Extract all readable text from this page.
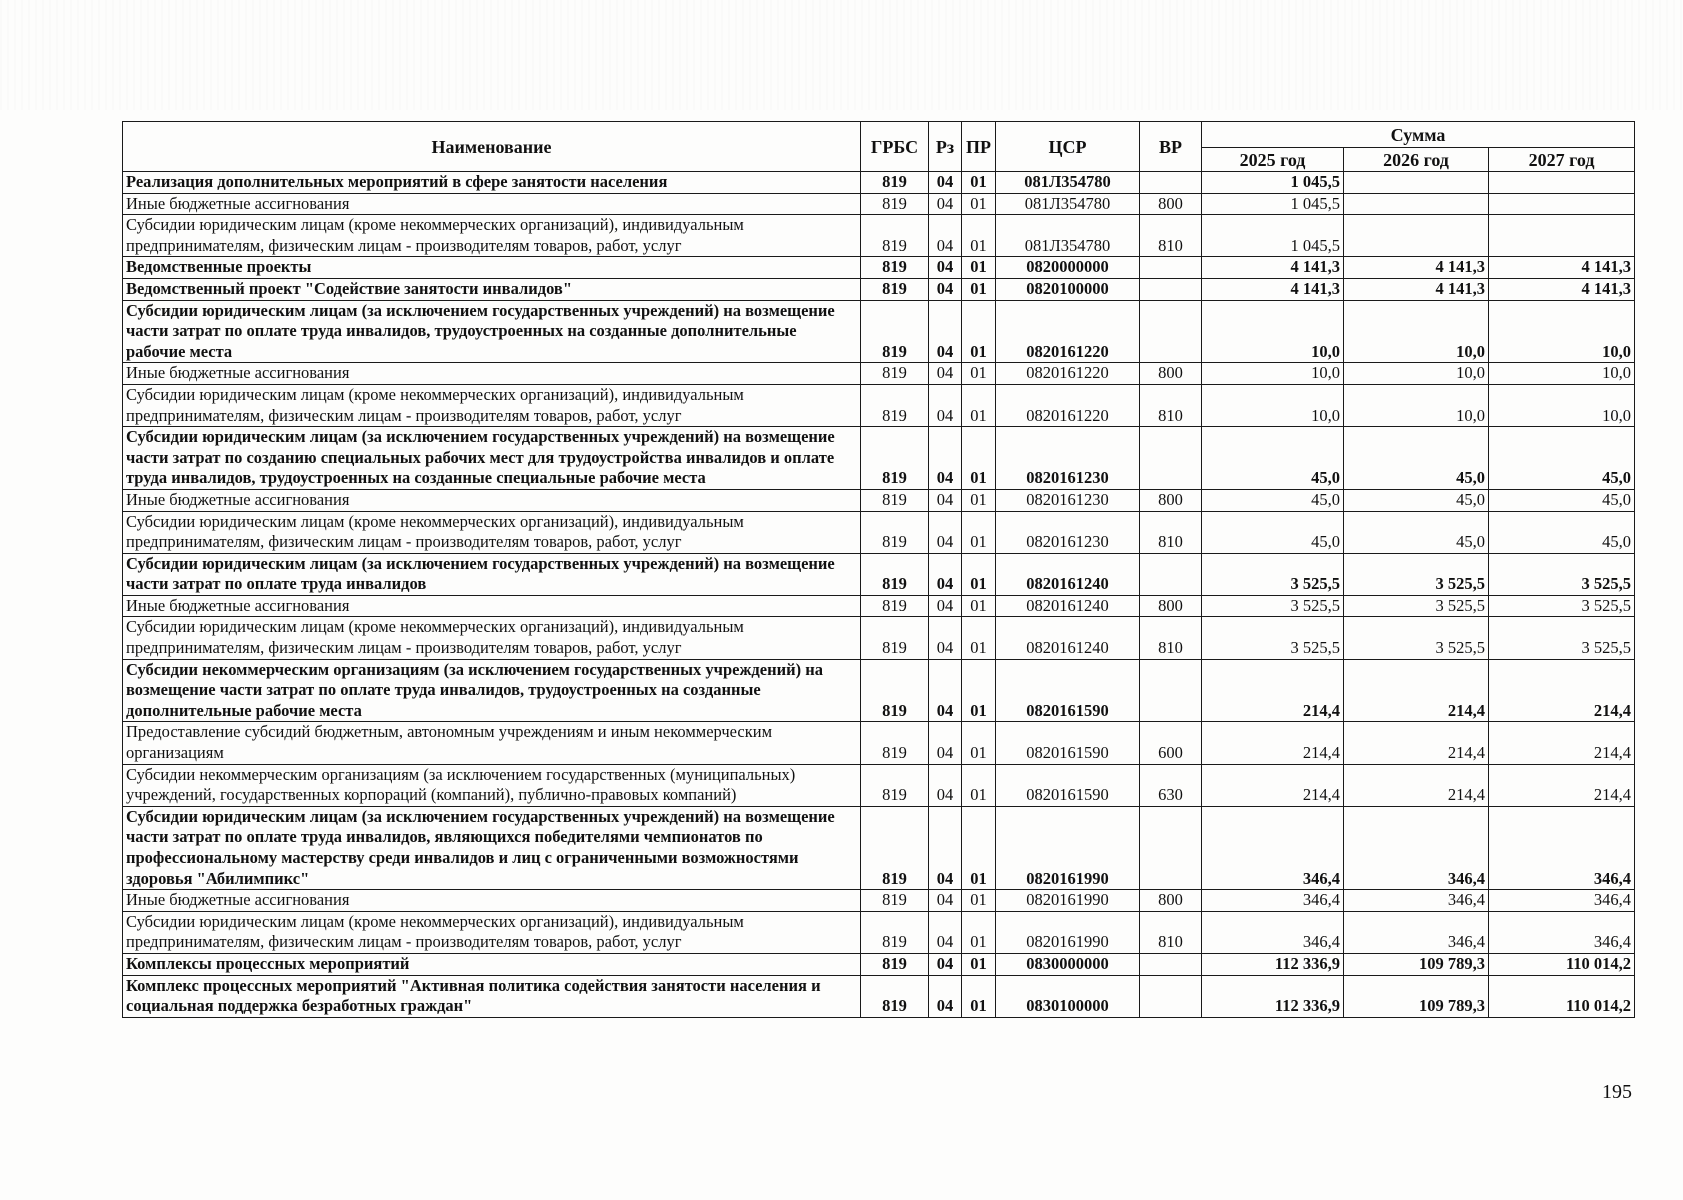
Наименование	ГРБС	Рз	ПР	ЦСР	ВР	Сумма		
						2025 год	2026 год	2027 год
Реализация дополнительных мероприятий в сфере занятости населения	819	04	01	081Л354780		1 045,5		
Иные бюджетные ассигнования	819	04	01	081Л354780	800	1 045,5		
Субсидии юридическим лицам (кроме некоммерческих организаций), индивидуальным предпринимателям, физическим лицам - производителям товаров, работ, услуг	819	04	01	081Л354780	810	1 045,5		
Ведомственные проекты	819	04	01	0820000000		4 141,3	4 141,3	4 141,3
Ведомственный проект "Содействие занятости инвалидов"	819	04	01	0820100000		4 141,3	4 141,3	4 141,3
Субсидии юридическим лицам (за исключением государственных учреждений) на возмещение части затрат по оплате труда инвалидов, трудоустроенных на созданные дополнительные рабочие места	819	04	01	0820161220		10,0	10,0	10,0
Иные бюджетные ассигнования	819	04	01	0820161220	800	10,0	10,0	10,0
Субсидии юридическим лицам (кроме некоммерческих организаций), индивидуальным предпринимателям, физическим лицам - производителям товаров, работ, услуг	819	04	01	0820161220	810	10,0	10,0	10,0
Субсидии юридическим лицам (за исключением государственных учреждений) на возмещение части затрат по созданию специальных рабочих мест для трудоустройства инвалидов и оплате труда инвалидов, трудоустроенных на созданные специальные рабочие места	819	04	01	0820161230		45,0	45,0	45,0
Иные бюджетные ассигнования	819	04	01	0820161230	800	45,0	45,0	45,0
Субсидии юридическим лицам (кроме некоммерческих организаций), индивидуальным предпринимателям, физическим лицам - производителям товаров, работ, услуг	819	04	01	0820161230	810	45,0	45,0	45,0
Субсидии юридическим лицам (за исключением государственных учреждений) на возмещение части затрат по оплате труда инвалидов	819	04	01	0820161240		3 525,5	3 525,5	3 525,5
Иные бюджетные ассигнования	819	04	01	0820161240	800	3 525,5	3 525,5	3 525,5
Субсидии юридическим лицам (кроме некоммерческих организаций), индивидуальным предпринимателям, физическим лицам - производителям товаров, работ, услуг	819	04	01	0820161240	810	3 525,5	3 525,5	3 525,5
Субсидии некоммерческим организациям (за исключением государственных учреждений) на возмещение части затрат по оплате труда инвалидов, трудоустроенных на созданные дополнительные рабочие места	819	04	01	0820161590		214,4	214,4	214,4
Предоставление субсидий бюджетным, автономным учреждениям и иным некоммерческим организациям	819	04	01	0820161590	600	214,4	214,4	214,4
Субсидии некоммерческим организациям (за исключением государственных (муниципальных) учреждений, государственных корпораций (компаний), публично-правовых компаний)	819	04	01	0820161590	630	214,4	214,4	214,4
Субсидии юридическим лицам (за исключением государственных учреждений) на возмещение части затрат по оплате труда инвалидов, являющихся победителями чемпионатов по профессиональному мастерству среди инвалидов и лиц с ограниченными возможностями здоровья "Абилимпикс"	819	04	01	0820161990		346,4	346,4	346,4
Иные бюджетные ассигнования	819	04	01	0820161990	800	346,4	346,4	346,4
Субсидии юридическим лицам (кроме некоммерческих организаций), индивидуальным предпринимателям, физическим лицам - производителям товаров, работ, услуг	819	04	01	0820161990	810	346,4	346,4	346,4
Комплексы процессных мероприятий	819	04	01	0830000000		112 336,9	109 789,3	110 014,2
Комплекс процессных мероприятий "Активная политика содействия занятости населения и социальная поддержка безработных граждан"	819	04	01	0830100000		112 336,9	109 789,3	110 014,2
195
